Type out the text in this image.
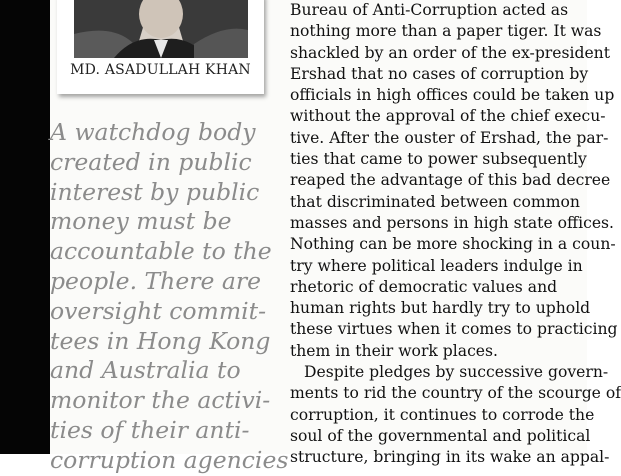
MD. ASADULLAH KHAN

A watchdog body
created in public
interest by public
money must be
accountable to the
people. There are
oversight commit-
tees in Hong Kong
and Australia to
monitor the activi-
ties of their anti-
corruption agencies

Bureau of Anti-Corruption acted as
nothing more than a paper tiger. It was
shackled by an order of the ex-president
Ershad that no cases of corruption by
officials in high offices could be taken up
without the approval of the chief execu-
tive. After the ouster of Ershad, the par-
ties that came to power subsequently
reaped the advantage of this bad decree
that discriminated between common
masses and persons in high state offices.
Nothing can be more shocking in a coun-
try where political leaders indulge in
rhetoric of democratic values and
human rights but hardly try to uphold
these virtues when it comes to practicing
them in their work places.
Despite pledges by successive govern-
ments to rid the country of the scourge of
corruption, it continues to corrode the
soul of the governmental and political
structure, bringing in its wake an appal-
